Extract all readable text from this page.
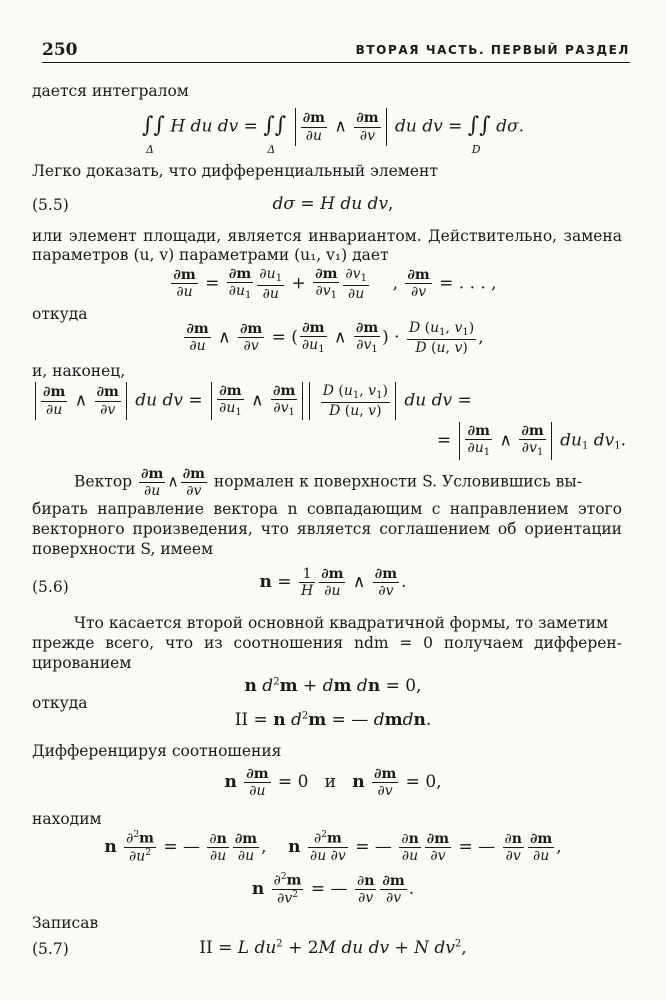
250	ВТОРАЯ ЧАСТЬ. ПЕРВЫЙ РАЗДЕЛ
дается интегралом
∫∫
Δ
H du dv = ∫∫
Δ

$\frac{\partial m}{\partial u}$ ∧ $\frac{\partial m}{\partial v}$ du dv = ∫∫
D
dσ.
Легко доказать, что дифференциальный элемент
(5.5)	dσ = H du dv,
или элемент площади, является инвариантом. Действительно, замена
параметров (u, v) параметрами (u₁, v₁) дает
$\frac{\partial m}{\partial u} = \frac{\partial m}{\partial u_1} \frac{\partial u_1}{\partial u} + \frac{\partial m}{\partial v_1} \frac{\partial v_1}{\partial u}$ , $\frac{\partial m}{\partial v}$ = . . . ,
откуда
$\frac{\partial m}{\partial u}$ ∧ $\frac{\partial m}{\partial v}$ = ( $\frac{\partial m}{\partial u_1}$ ∧ $\frac{\partial m}{\partial v_1}$ ) · $\frac{D (u_1, v_1)}{D (u, v)}$ ,
и, наконец,
$\frac{\partial m}{\partial u}$ ∧ $\frac{\partial m}{\partial v}$ du dv = $\frac{\partial m}{\partial u_1}$ ∧ $\frac{\partial m}{\partial v_1}$
$\frac{D (u_1, v_1)}{D (u, v)}$ du dv =
= $\frac{\partial m}{\partial u_1}$ ∧ $\frac{\partial m}{\partial v_1} du_1$ $dv_1$.
Вектор $\frac{\partial m}{\partial u}$ ∧ $\frac{\partial m}{\partial v}$ нормален к поверхности S. Условившись вы-
бирать направление вектора n совпадающим с направлением этого
векторного произведения, что является соглашением об ориентации
поверхности S, имеем
(5.6)	$n = \frac{1}{H} \frac{\partial m}{\partial u}$ ∧ $\frac{\partial m}{\partial v}$ .
Что касается второй основной квадратичной формы, то заметим
прежде всего, что из соотношения ndm = 0 получаем дифферен-
цированием
n $d^2m$ + dm dn = 0,
откуда
II = n $d^2m$ = — dmdn.
Дифференцируя соотношения
n $\frac{\partial m}{\partial u} = 0$   и n $\frac{\partial m}{\partial v} = 0$,
находим
n $\frac{\partial^2m}{\partial u^2}$ = — $\frac{\partial n}{\partial u} \frac{\partial m}{\partial u}$ ,    n $\frac{\partial^2m}{\partial u \partial v}$ = — $\frac{\partial n}{\partial u} \frac{\partial m}{\partial v}$ = — $\frac{\partial n}{\partial v} \frac{\partial m}{\partial u}$ ,
n $\frac{\partial^2m}{\partial v^2}$ = — $\frac{\partial n}{\partial v} \frac{\partial m}{\partial v}$ .
Записав
(5.7)	II = L $du^2 + 2M$ du dv + N $dv^2$,
